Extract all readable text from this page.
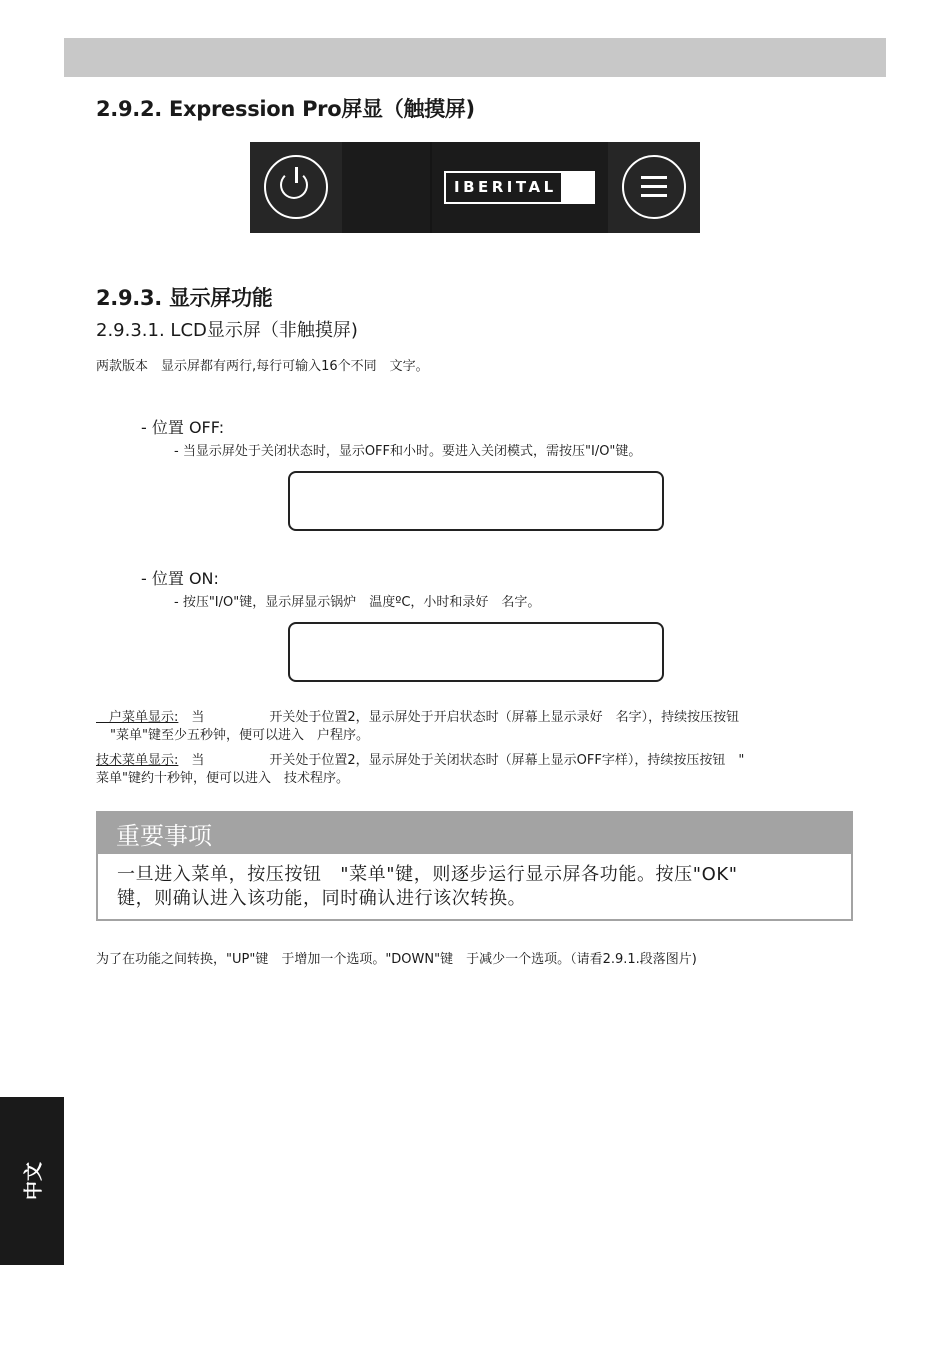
2.9.2. Expression Pro屏显（触摸屏)
IBERITAL
2.9.3. 显示屏功能
2.9.3.1. LCD显示屏（非触摸屏)
两款版本　显示屏都有两行,每行可输入16个不同　文字。
- 位置 OFF:
- 当显示屏处于关闭状态时，显示OFF和小时。要进入关闭模式，需按压"I/O"键。
- 位置 ON:
- 按压"I/O"键，显示屏显示锅炉　温度ºC，小时和录好　名字。
　户菜单显示:　当　　　　　开关处于位置2，显示屏处于开启状态时（屏幕上显示录好　名字），持续按压按钮
"菜单"键至少五秒钟，便可以进入　户程序。
技术菜单显示:　当　　　　　开关处于位置2，显示屏处于关闭状态时（屏幕上显示OFF字样），持续按压按钮　"
菜单"键约十秒钟，便可以进入　技术程序。
重要事项
一旦进入菜单，按压按钮　"菜单"键，则逐步运行显示屏各功能。按压"OK"
键，则确认进入该功能，同时确认进行该次转换。
为了在功能之间转换，"UP"键　于增加一个选项。"DOWN"键　于减少一个选项。（请看2.9.1.段落图片)
中文
